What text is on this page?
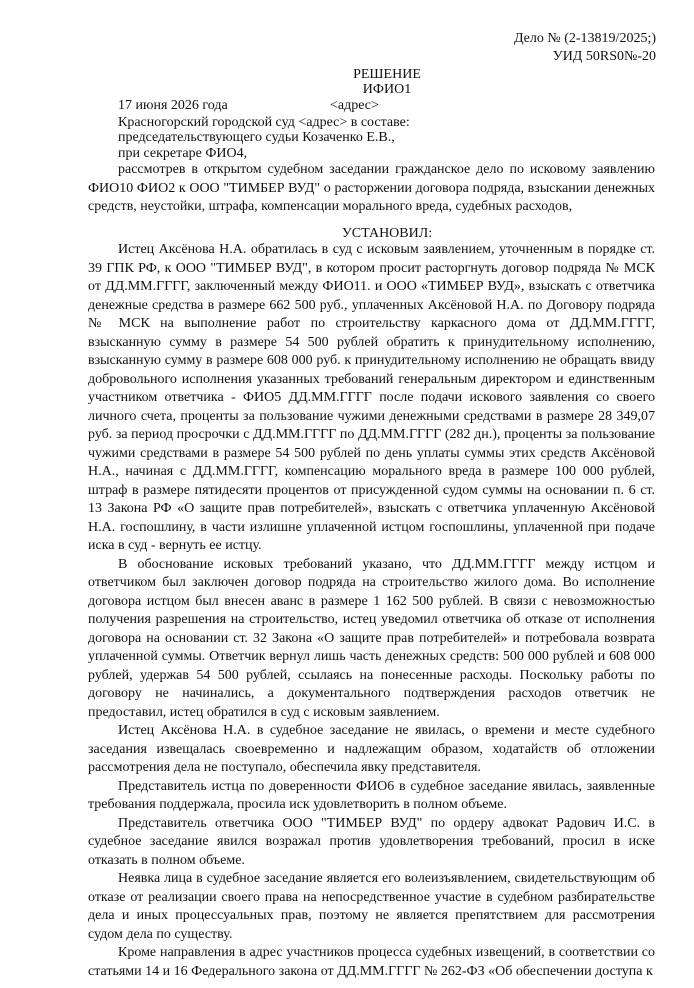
Дело № (2-13819/2025;)
УИД 50RS0№-20
РЕШЕНИЕ
ИФИО1
17 июня 2026 года	<адрес>
Красногорский городской суд <адрес> в составе:
председательствующего судьи Козаченко Е.В.,
при секретаре ФИО4,

рассмотрев в открытом судебном заседании гражданское дело по исковому заявлению ФИО10 ФИО2 к ООО "ТИМБЕР ВУД" о расторжении договора подряда, взыскании денежных средств, неустойки, штрафа, компенсации морального вреда, судебных расходов,

УСТАНОВИЛ:

Истец Аксёнова Н.А. обратилась в суд с исковым заявлением, уточненным в порядке ст. 39 ГПК РФ, к ООО "ТИМБЕР ВУД", в котором просит расторгнуть договор подряда № МСК от ДД.ММ.ГГГГ, заключенный между ФИО11. и ООО «ТИМБЕР ВУД», взыскать с ответчика денежные средства в размере 662 500 руб., уплаченных Аксёновой Н.А. по Договору подряда № МСК на выполнение работ по строительству каркасного дома от ДД.ММ.ГГГГ, взысканную сумму в размере 54 500 рублей обратить к принудительному исполнению, взысканную сумму в размере 608 000 руб. к принудительному исполнению не обращать ввиду добровольного исполнения указанных требований генеральным директором и единственным участником ответчика - ФИО5 ДД.ММ.ГГГГ после подачи искового заявления со своего личного счета, проценты за пользование чужими денежными средствами в размере 28 349,07 руб. за период просрочки с ДД.ММ.ГГГГ по ДД.ММ.ГГГГ (282 дн.), проценты за пользование чужими средствами в размере 54 500 рублей по день уплаты суммы этих средств Аксёновой Н.А., начиная с ДД.ММ.ГГГГ, компенсацию морального вреда в размере 100 000 рублей, штраф в размере пятидесяти процентов от присужденной судом суммы на основании п. 6 ст. 13 Закона РФ «О защите прав потребителей», взыскать с ответчика уплаченную Аксёновой Н.А. госпошлину, в части излишне уплаченной истцом госпошлины, уплаченной при подаче иска в суд - вернуть ее истцу.

В обоснование исковых требований указано, что ДД.ММ.ГГГГ между истцом и ответчиком был заключен договор подряда на строительство жилого дома. Во исполнение договора истцом был внесен аванс в размере 1 162 500 рублей. В связи с невозможностью получения разрешения на строительство, истец уведомил ответчика об отказе от исполнения договора на основании ст. 32 Закона «О защите прав потребителей» и потребовала возврата уплаченной суммы. Ответчик вернул лишь часть денежных средств: 500 000 рублей и 608 000 рублей, удержав 54 500 рублей, ссылаясь на понесенные расходы. Поскольку работы по договору не начинались, а документального подтверждения расходов ответчик не предоставил, истец обратился в суд с исковым заявлением.

Истец Аксёнова Н.А. в судебное заседание не явилась, о времени и месте судебного заседания извещалась своевременно и надлежащим образом, ходатайств об отложении рассмотрения дела не поступало, обеспечила явку представителя.

Представитель истца по доверенности ФИО6 в судебное заседание явилась, заявленные требования поддержала, просила иск удовлетворить в полном объеме.

Представитель ответчика ООО "ТИМБЕР ВУД" по ордеру адвокат Радович И.С. в судебное заседание явился возражал против удовлетворения требований, просил в иске отказать в полном объеме.

Неявка лица в судебное заседание является его волеизъявлением, свидетельствующим об отказе от реализации своего права на непосредственное участие в судебном разбирательстве дела и иных процессуальных прав, поэтому не является препятствием для рассмотрения судом дела по существу.

Кроме направления в адрес участников процесса судебных извещений, в соответствии со статьями 14 и 16 Федерального закона от ДД.ММ.ГГГГ № 262-ФЗ «Об обеспечении доступа к
